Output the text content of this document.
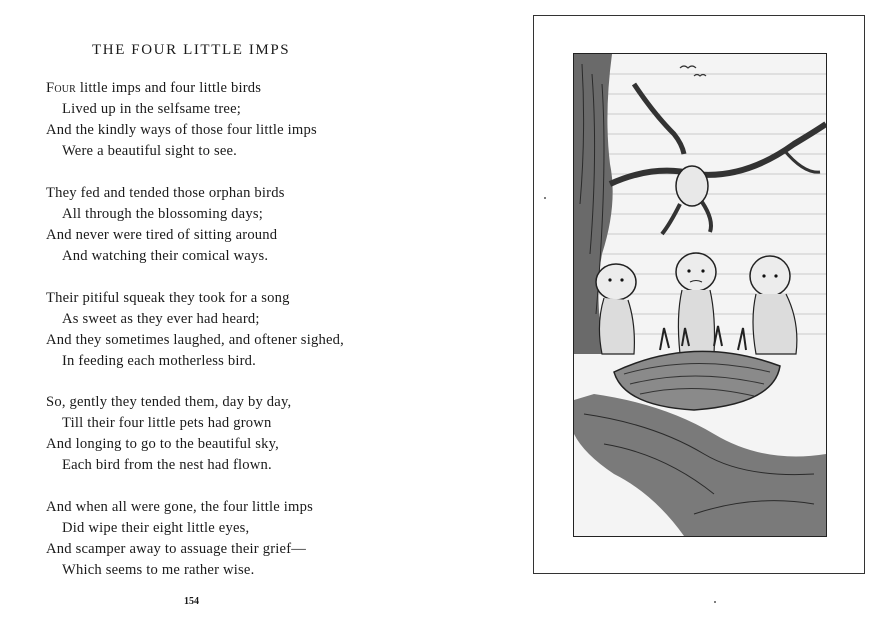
THE FOUR LITTLE IMPS
Four little imps and four little birds
Lived up in the selfsame tree;
And the kindly ways of those four little imps
Were a beautiful sight to see.
They fed and tended those orphan birds
All through the blossoming days;
And never were tired of sitting around
And watching their comical ways.
Their pitiful squeak they took for a song
As sweet as they ever had heard;
And they sometimes laughed, and oftener sighed,
In feeding each motherless bird.
So, gently they tended them, day by day,
Till their four little pets had grown
And longing to go to the beautiful sky,
Each bird from the nest had flown.
And when all were gone, the four little imps
Did wipe their eight little eyes,
And scamper away to assuage their grief—
Which seems to me rather wise.
154
